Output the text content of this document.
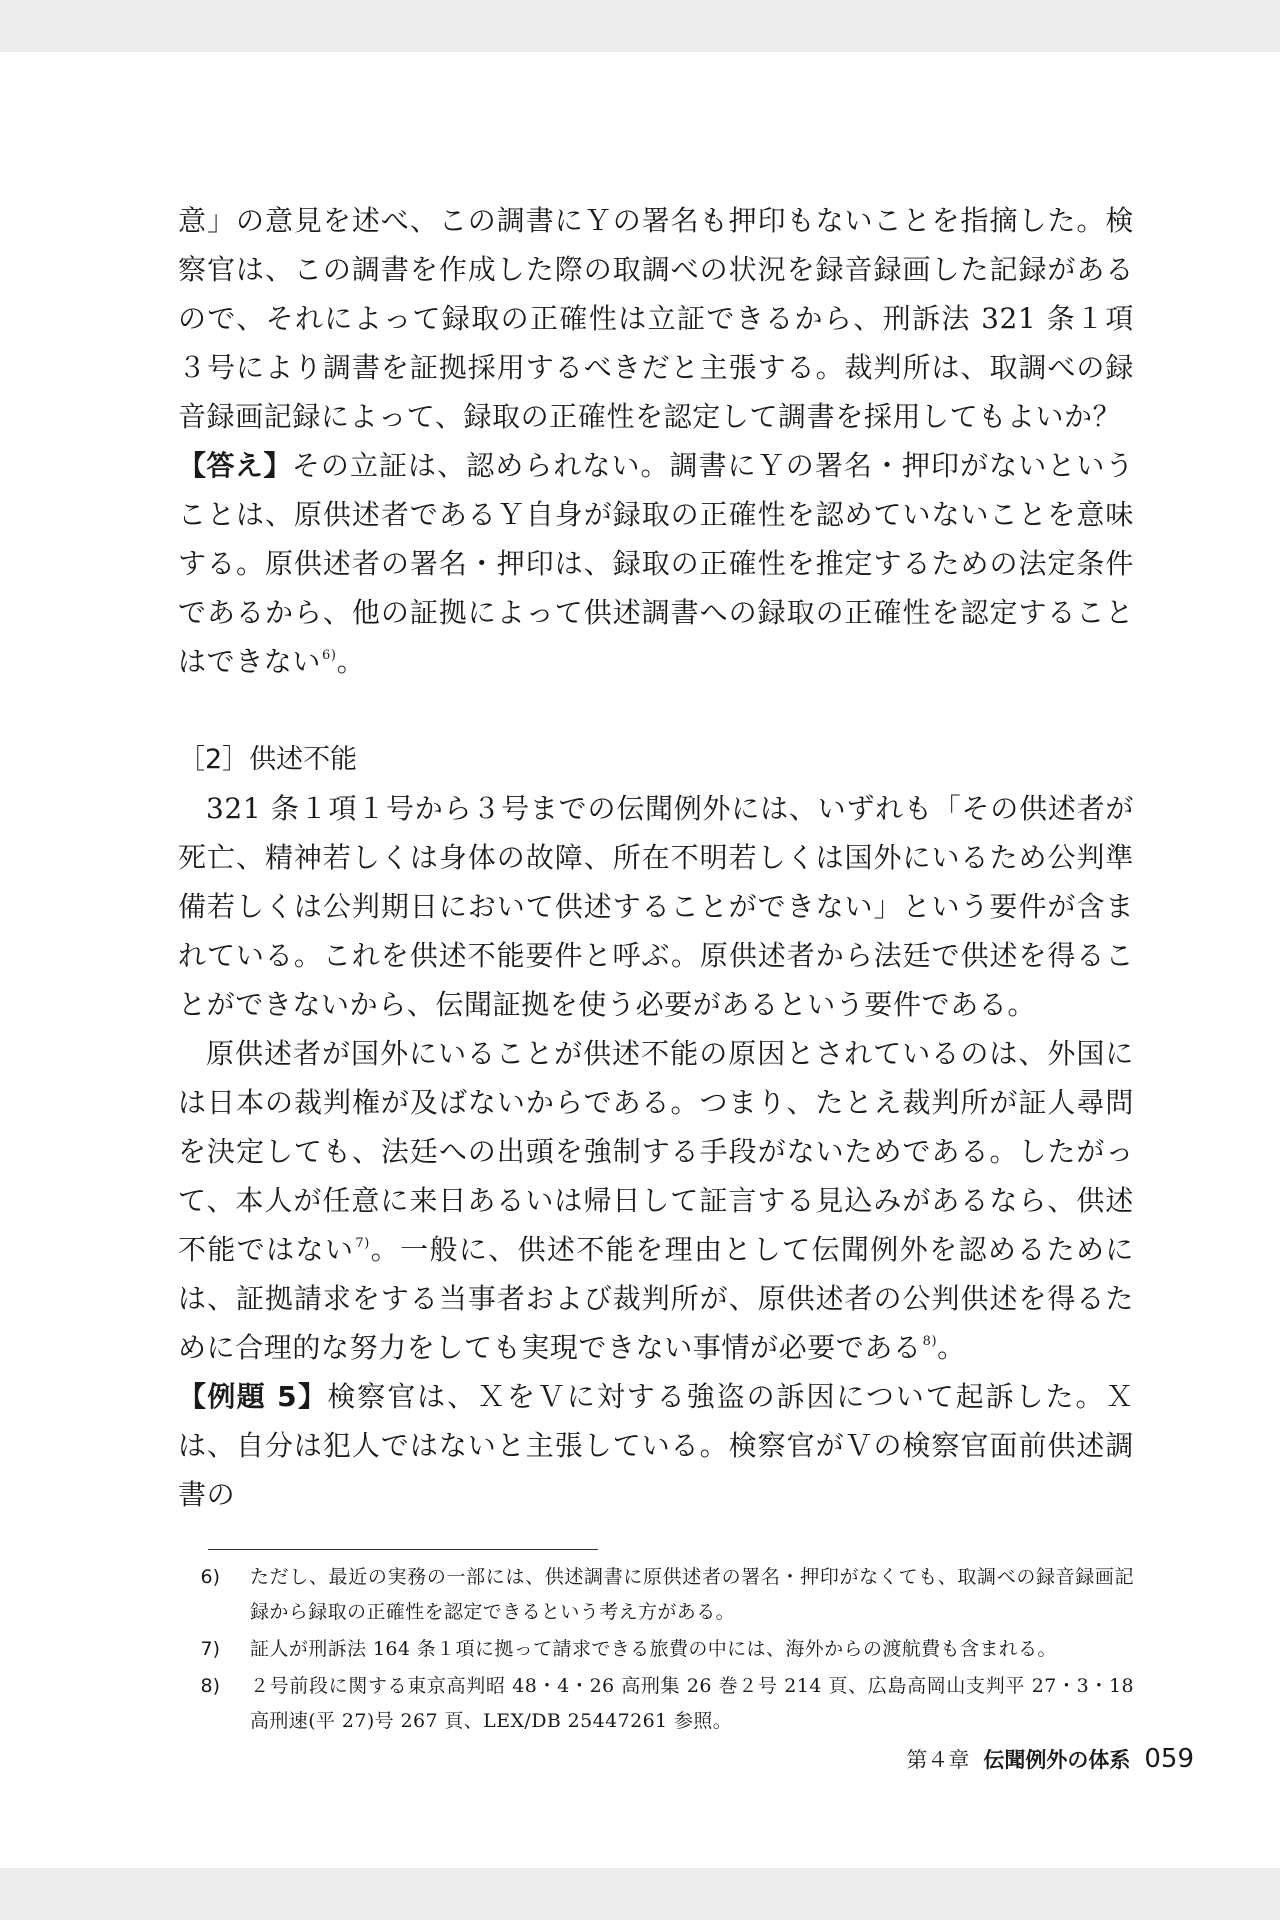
意」の意見を述べ、この調書にＹの署名も押印もないことを指摘した。検察官は、この調書を作成した際の取調べの状況を録音録画した記録があるので、それによって録取の正確性は立証できるから、刑訴法 321 条１項３号により調書を証拠採用するべきだと主張する。裁判所は、取調べの録音録画記録によって、録取の正確性を認定して調書を採用してもよいか？

【答え】その立証は、認められない。調書にＹの署名・押印がないということは、原供述者であるＹ自身が録取の正確性を認めていないことを意味する。原供述者の署名・押印は、録取の正確性を推定するための法定条件であるから、他の証拠によって供述調書への録取の正確性を認定することはできない$^{6)}$。

［2］供述不能

321 条１項１号から３号までの伝聞例外には、いずれも「その供述者が死亡、精神若しくは身体の故障、所在不明若しくは国外にいるため公判準備若しくは公判期日において供述することができない」という要件が含まれている。これを供述不能要件と呼ぶ。原供述者から法廷で供述を得ることができないから、伝聞証拠を使う必要があるという要件である。

原供述者が国外にいることが供述不能の原因とされているのは、外国には日本の裁判権が及ばないからである。つまり、たとえ裁判所が証人尋問を決定しても、法廷への出頭を強制する手段がないためである。したがって、本人が任意に来日あるいは帰日して証言する見込みがあるなら、供述不能ではない$^{7)}$。一般に、供述不能を理由として伝聞例外を認めるためには、証拠請求をする当事者および裁判所が、原供述者の公判供述を得るために合理的な努力をしても実現できない事情が必要である$^{8)}$。

【例題 5】検察官は、ＸをＶに対する強盗の訴因について起訴した。Ｘは、自分は犯人ではないと主張している。検察官がＶの検察官面前供述調書の

6)	ただし、最近の実務の一部には、供述調書に原供述者の署名・押印がなくても、取調べの録音録画記録から録取の正確性を認定できるという考え方がある。
7)	証人が刑訴法 164 条１項に拠って請求できる旅費の中には、海外からの渡航費も含まれる。
8)	２号前段に関する東京高判昭 48・4・26 高刑集 26 巻２号 214 頁、広島高岡山支判平 27・3・18 高刑速(平 27)号 267 頁、LEX/DB 25447261 参照。
第４章 伝聞例外の体系 059
